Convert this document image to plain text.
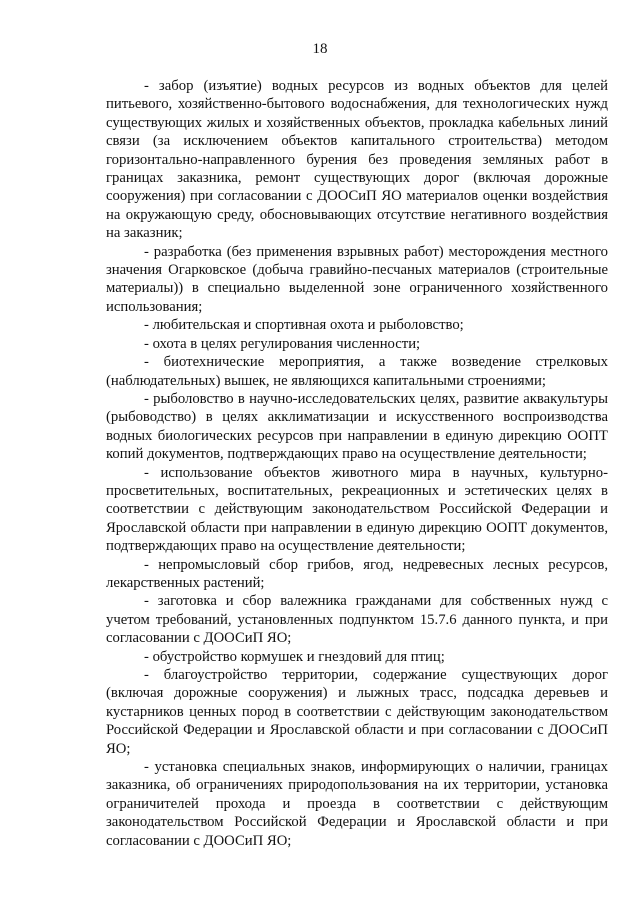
18

- забор (изъятие) водных ресурсов из водных объектов для целей питьевого, хозяйственно-бытового водоснабжения, для технологических нужд существующих жилых и хозяйственных объектов, прокладка кабельных линий связи (за исключением объектов капитального строительства) методом горизонтально-направленного бурения без проведения земляных работ в границах заказника, ремонт существующих дорог (включая дорожные сооружения) при согласовании с ДООСиП ЯО материалов оценки воздействия на окружающую среду, обосновывающих отсутствие негативного воздействия на заказник;

- разработка (без применения взрывных работ) месторождения местного значения Огарковское (добыча гравийно-песчаных материалов (строительные материалы)) в специально выделенной зоне ограниченного хозяйственного использования;

- любительская и спортивная охота и рыболовство;

- охота в целях регулирования численности;

- биотехнические мероприятия, а также возведение стрелковых (наблюдательных) вышек, не являющихся капитальными строениями;

- рыболовство в научно-исследовательских целях, развитие аквакультуры (рыбоводство) в целях акклиматизации и искусственного воспроизводства водных биологических ресурсов при направлении в единую дирекцию ООПТ копий документов, подтверждающих право на осуществление деятельности;

- использование объектов животного мира в научных, культурно-просветительных, воспитательных, рекреационных и эстетических целях в соответствии с действующим законодательством Российской Федерации и Ярославской области при направлении в единую дирекцию ООПТ документов, подтверждающих право на осуществление деятельности;

- непромысловый сбор грибов, ягод, недревесных лесных ресурсов, лекарственных растений;

- заготовка и сбор валежника гражданами для собственных нужд с учетом требований, установленных подпунктом 15.7.6 данного пункта, и при согласовании с ДООСиП ЯО;

- обустройство кормушек и гнездовий для птиц;

- благоустройство территории, содержание существующих дорог (включая дорожные сооружения) и лыжных трасс, подсадка деревьев и кустарников ценных пород в соответствии с действующим законодательством Российской Федерации и Ярославской области и при согласовании с ДООСиП ЯО;

- установка специальных знаков, информирующих о наличии, границах заказника, об ограничениях природопользования на их территории, установка ограничителей прохода и проезда в соответствии с действующим законодательством Российской Федерации и Ярославской области и при согласовании с ДООСиП ЯО;
